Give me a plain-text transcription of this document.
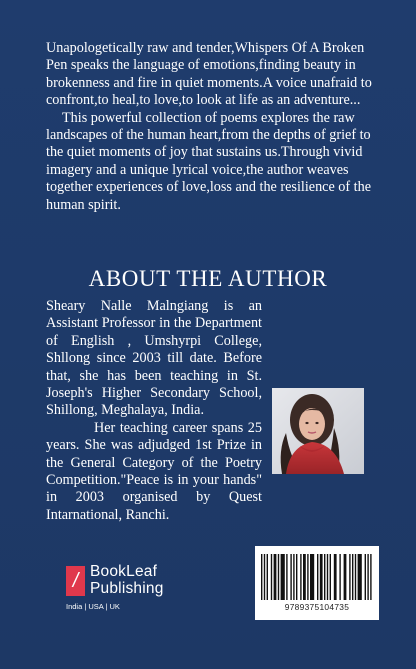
Unapologetically raw and tender,Whispers Of A Broken Pen speaks the language of emotions,finding beauty in brokenness and fire in quiet moments.A voice unafraid to confront,to heal,to love,to look at life as an adventure...

This powerful collection of poems explores the raw landscapes of the human heart,from the depths of grief to the quiet moments of joy that sustains us.Through vivid imagery and a unique lyrical voice,the author weaves together experiences of love,loss and the resilience of the human spirit.

ABOUT THE AUTHOR

Sheary Nalle Malngiang is an Assistant Professor in the Department of English , Umshyrpi College, Shllong since 2003 till date. Before that, she has been teaching in St. Joseph's Higher Secondary School, Shillong, Meghalaya, India.

Her teaching career spans 25 years. She was adjudged 1st Prize in the General Category of the Poetry Competition."Peace is in your hands" in 2003 organised by Quest Intarnational, Ranchi.

/ BookLeaf
Publishing
India | USA | UK	9789375104735
